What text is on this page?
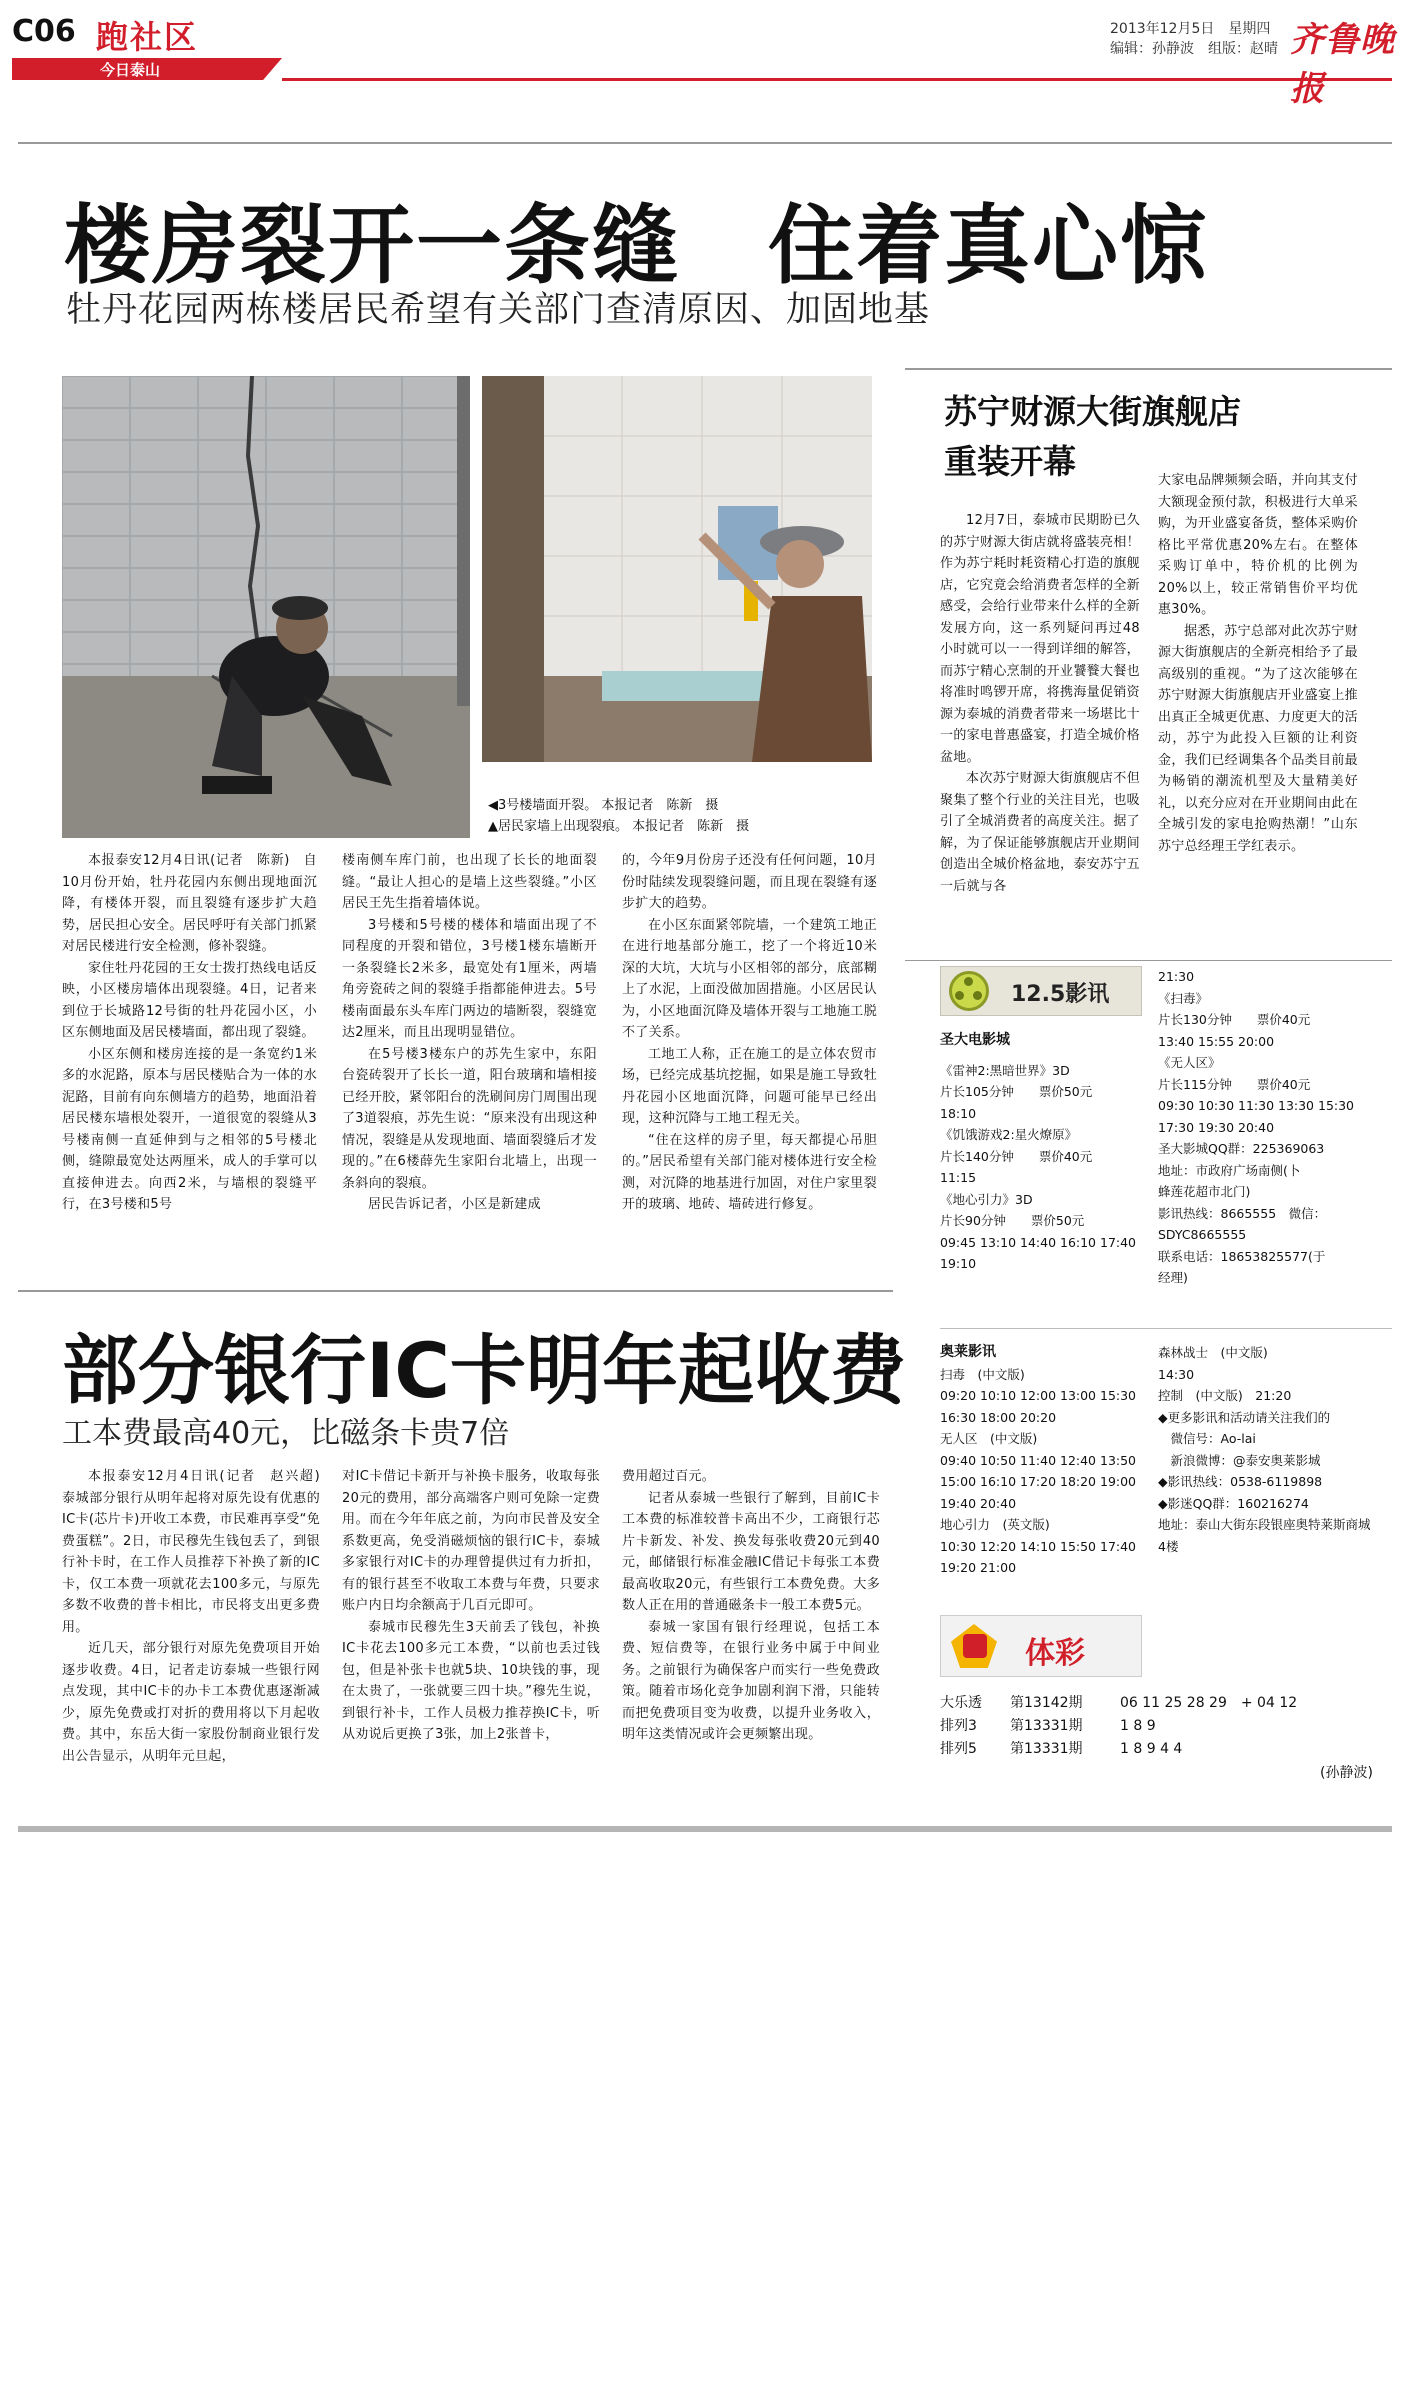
C06 跑社区
今日泰山
2013年12月5日　星期四
编辑：孙静波　组版：赵晴 齐鲁晚报
楼房裂开一条缝　住着真心惊
牡丹花园两栋楼居民希望有关部门查清原因、加固地基
◀3号楼墙面开裂。 本报记者　陈新　摄
▲居民家墙上出现裂痕。 本报记者　陈新　摄

本报泰安12月4日讯(记者　陈新)　自10月份开始，牡丹花园内东侧出现地面沉降，有楼体开裂，而且裂缝有逐步扩大趋势，居民担心安全。居民呼吁有关部门抓紧对居民楼进行安全检测，修补裂缝。

家住牡丹花园的王女士拨打热线电话反映，小区楼房墙体出现裂缝。4日，记者来到位于长城路12号街的牡丹花园小区，小区东侧地面及居民楼墙面，都出现了裂缝。

小区东侧和楼房连接的是一条宽约1米多的水泥路，原本与居民楼贴合为一体的水泥路，目前有向东侧墙方的趋势，地面沿着居民楼东墙根处裂开，一道很宽的裂缝从3号楼南侧一直延伸到与之相邻的5号楼北侧，缝隙最宽处达两厘米，成人的手掌可以直接伸进去。向西2米，与墙根的裂缝平行，在3号楼和5号

楼南侧车库门前，也出现了长长的地面裂缝。“最让人担心的是墙上这些裂缝。”小区居民王先生指着墙体说。

3号楼和5号楼的楼体和墙面出现了不同程度的开裂和错位，3号楼1楼东墙断开一条裂缝长2米多，最宽处有1厘米，两墙角旁瓷砖之间的裂缝手指都能伸进去。5号楼南面最东头车库门两边的墙断裂，裂缝宽达2厘米，而且出现明显错位。

在5号楼3楼东户的苏先生家中，东阳台瓷砖裂开了长长一道，阳台玻璃和墙相接已经开胶，紧邻阳台的洗刷间房门周围出现了3道裂痕，苏先生说：“原来没有出现这种情况，裂缝是从发现地面、墙面裂缝后才发现的。”在6楼薛先生家阳台北墙上，出现一条斜向的裂痕。

居民告诉记者，小区是新建成

的，今年9月份房子还没有任何问题，10月份时陆续发现裂缝问题，而且现在裂缝有逐步扩大的趋势。

在小区东面紧邻院墙，一个建筑工地正在进行地基部分施工，挖了一个将近10米深的大坑，大坑与小区相邻的部分，底部糊上了水泥，上面没做加固措施。小区居民认为，小区地面沉降及墙体开裂与工地施工脱不了关系。

工地工人称，正在施工的是立体农贸市场，已经完成基坑挖掘，如果是施工导致牡丹花园小区地面沉降，问题可能早已经出现，这种沉降与工地工程无关。

“住在这样的房子里，每天都提心吊胆的。”居民希望有关部门能对楼体进行安全检测，对沉降的地基进行加固，对住户家里裂开的玻璃、地砖、墙砖进行修复。

苏宁财源大街旗舰店
重装开幕

12月7日，泰城市民期盼已久的苏宁财源大街店就将盛装亮相！作为苏宁耗时耗资精心打造的旗舰店，它究竟会给消费者怎样的全新感受，会给行业带来什么样的全新发展方向，这一系列疑问再过48小时就可以一一得到详细的解答，而苏宁精心烹制的开业饕餮大餐也将准时鸣锣开席，将携海量促销资源为泰城的消费者带来一场堪比十一的家电普惠盛宴，打造全城价格盆地。

本次苏宁财源大街旗舰店不但聚集了整个行业的关注目光，也吸引了全城消费者的高度关注。据了解，为了保证能够旗舰店开业期间创造出全城价格盆地，泰安苏宁五一后就与各

大家电品牌频频会晤，并向其支付大额现金预付款，积极进行大单采购，为开业盛宴备货，整体采购价格比平常优惠20%左右。在整体采购订单中，特价机的比例为20%以上，较正常销售价平均优惠30%。

据悉，苏宁总部对此次苏宁财源大街旗舰店的全新亮相给予了最高级别的重视。“为了这次能够在苏宁财源大街旗舰店开业盛宴上推出真正全城更优惠、力度更大的活动，苏宁为此投入巨额的让利资金，我们已经调集各个品类目前最为畅销的潮流机型及大量精美好礼，以充分应对在开业期间由此在全城引发的家电抢购热潮！”山东苏宁总经理王学红表示。

12.5影讯
圣大电影城
《雷神2:黑暗世界》3D
片长105分钟　　票价50元
18:10
《饥饿游戏2:星火燎原》
片长140分钟　　票价40元
11:15
《地心引力》3D
片长90分钟　　票价50元
09:45 13:10 14:40 16:10 17:40
19:10
21:30
《扫毒》
片长130分钟　　票价40元
13:40 15:55 20:00
《无人区》
片长115分钟　　票价40元
09:30 10:30 11:30 13:30 15:30
17:30 19:30 20:40
圣大影城QQ群：225369063
地址：市政府广场南侧(卜
蜂莲花超市北门)
影讯热线：8665555　微信：
SDYC8665555
联系电话：18653825577(于
经理)
奥莱影讯
扫毒　(中文版)
09:20 10:10 12:00 13:00 15:30
16:30 18:00 20:20
无人区　(中文版)
09:40 10:50 11:40 12:40 13:50
15:00 16:10 17:20 18:20 19:00
19:40 20:40
地心引力　(英文版)
10:30 12:20 14:10 15:50 17:40
19:20 21:00
森林战士　(中文版)
14:30
控制　(中文版)　21:20
◆更多影讯和活动请关注我们的
　微信号：Ao-lai
　新浪微博：@泰安奥莱影城
◆影讯热线：0538-6119898
◆影迷QQ群：160216274
地址：泰山大街东段银座奥特莱斯商城4楼
体彩
大乐透	第13142期	06 11 25 28 29　+ 04 12
排列3	第13331期	1 8 9
排列5	第13331期	1 8 9 4 4
(孙静波)
部分银行IC卡明年起收费
工本费最高40元，比磁条卡贵7倍

本报泰安12月4日讯(记者　赵兴超)　泰城部分银行从明年起将对原先设有优惠的IC卡(芯片卡)开收工本费，市民难再享受“免费蛋糕”。2日，市民穆先生钱包丢了，到银行补卡时，在工作人员推荐下补换了新的IC卡，仅工本费一项就花去100多元，与原先多数不收费的普卡相比，市民将支出更多费用。

近几天，部分银行对原先免费项目开始逐步收费。4日，记者走访泰城一些银行网点发现，其中IC卡的办卡工本费优惠逐渐减少，原先免费或打对折的费用将以下月起收费。其中，东岳大街一家股份制商业银行发出公告显示，从明年元旦起，

对IC卡借记卡新开与补换卡服务，收取每张20元的费用，部分高端客户则可免除一定费用。而在今年年底之前，为向市民普及安全系数更高，免受消磁烦恼的银行IC卡，泰城多家银行对IC卡的办理曾提供过有力折扣，有的银行甚至不收取工本费与年费，只要求账户内日均余额高于几百元即可。

泰城市民穆先生3天前丢了钱包，补换IC卡花去100多元工本费，“以前也丢过钱包，但是补张卡也就5块、10块钱的事，现在太贵了，一张就要三四十块。”穆先生说，到银行补卡，工作人员极力推荐换IC卡，听从劝说后更换了3张，加上2张普卡，

费用超过百元。

记者从泰城一些银行了解到，目前IC卡工本费的标准较普卡高出不少，工商银行芯片卡新发、补发、换发每张收费20元到40元，邮储银行标准金融IC借记卡每张工本费最高收取20元，有些银行工本费免费。大多数人正在用的普通磁条卡一般工本费5元。

泰城一家国有银行经理说，包括工本费、短信费等，在银行业务中属于中间业务。之前银行为确保客户而实行一些免费政策。随着市场化竞争加剧利润下滑，只能转而把免费项目变为收费，以提升业务收入，明年这类情况或许会更频繁出现。
